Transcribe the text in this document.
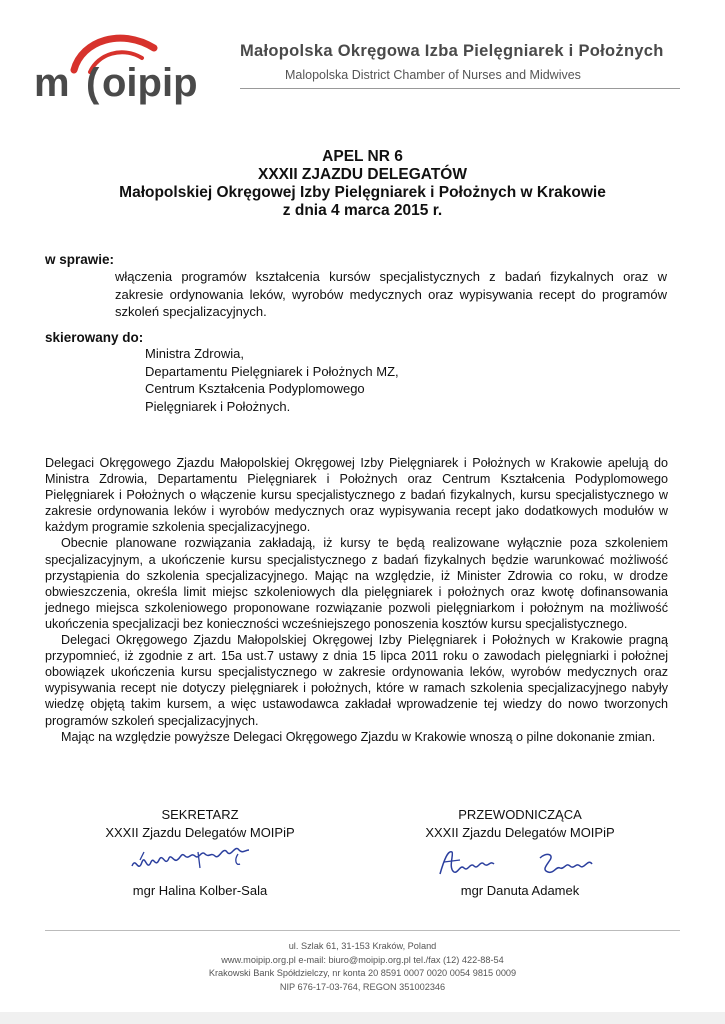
m ( oipip
Małopolska Okręgowa Izba Pielęgniarek i Położnych
Malopolska District Chamber of Nurses and Midwives
APEL NR 6
XXXII ZJAZDU DELEGATÓW
Małopolskiej Okręgowej Izby Pielęgniarek i Położnych w Krakowie
z dnia 4 marca 2015 r.
w sprawie:
włączenia programów kształcenia kursów specjalistycznych z badań fizykalnych oraz w zakresie ordynowania leków, wyrobów medycznych oraz wypisywania recept do programów szkoleń specjalizacyjnych.
skierowany do:
Ministra Zdrowia,
Departamentu Pielęgniarek i Położnych MZ,
Centrum Kształcenia Podyplomowego
Pielęgniarek i Położnych.

Delegaci Okręgowego Zjazdu Małopolskiej Okręgowej Izby Pielęgniarek i Położnych w Krakowie apelują do Ministra Zdrowia, Departamentu Pielęgniarek i Położnych oraz Centrum Kształcenia Podyplomowego Pielęgniarek i Położnych o włączenie kursu specjalistycznego z badań fizykalnych, kursu specjalistycznego w zakresie ordynowania leków i wyrobów medycznych oraz wypisywania recept jako dodatkowych modułów w każdym programie szkolenia specjalizacyjnego.

Obecnie planowane rozwiązania zakładają, iż kursy te będą realizowane wyłącznie poza szkoleniem specjalizacyjnym, a ukończenie kursu specjalistycznego z badań fizykalnych będzie warunkować możliwość przystąpienia do szkolenia specjalizacyjnego. Mając na względzie, iż Minister Zdrowia co roku, w drodze obwieszczenia, określa limit miejsc szkoleniowych dla pielęgniarek i położnych oraz kwotę dofinansowania jednego miejsca szkoleniowego proponowane rozwiązanie pozwoli pielęgniarkom i położnym na możliwość ukończenia specjalizacji bez konieczności wcześniejszego ponoszenia kosztów kursu specjalistycznego.

Delegaci Okręgowego Zjazdu Małopolskiej Okręgowej Izby Pielęgniarek i Położnych w Krakowie pragną przypomnieć, iż zgodnie z art. 15a ust.7 ustawy z dnia 15 lipca 2011 roku o zawodach pielęgniarki i położnej obowiązek ukończenia kursu specjalistycznego w zakresie ordynowania leków, wyrobów medycznych oraz wypisywania recept nie dotyczy pielęgniarek i położnych, które w ramach szkolenia specjalizacyjnego nabyły wiedzę objętą takim kursem, a więc ustawodawca zakładał wprowadzenie tej wiedzy do nowo tworzonych programów szkoleń specjalizacyjnych.

Mając na względzie powyższe Delegaci Okręgowego Zjazdu w Krakowie wnoszą o pilne dokonanie zmian.

SEKRETARZ
XXXII Zjazdu Delegatów MOIPiP
mgr Halina Kolber-Sala
PRZEWODNICZĄCA
XXXII Zjazdu Delegatów MOIPiP
mgr Danuta Adamek
ul. Szlak 61, 31-153 Kraków, Poland
www.moipip.org.pl e-mail: biuro@moipip.org.pl tel./fax (12) 422-88-54
Krakowski Bank Spółdzielczy, nr konta 20 8591 0007 0020 0054 9815 0009
NIP 676-17-03-764, REGON 351002346
